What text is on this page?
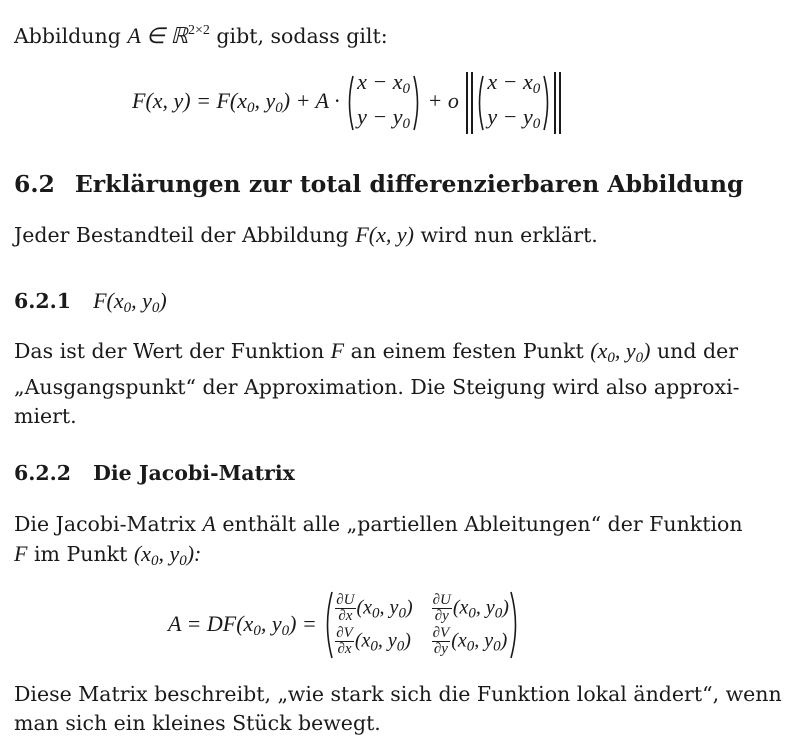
Abbildung A ∈ ℝ$^{2\times 2}$ gibt, sodass gilt:
F(x, $y) = F(x_0$, $y_0) + A$ ·
$x - x_0$
$y - y_0$
+ o ‖ $x - x_0$
$y - y_0$ ‖
6.2 Erklärungen zur total differenzierbaren Abbildung
Jeder Bestandteil der Abbildung F(x, y) wird nun erklärt.
6.2.1 $F(x_0$, $y_0$)
Das ist der Wert der Funktion F an einem festen Punkt ($x_0$, $y_0$) und der
„Ausgangspunkt“ der Approximation. Die Steigung wird also approxi-
miert.
6.2.2 Die Jacobi-Matrix
Die Jacobi-Matrix A enthält alle „partiellen Ableitungen“ der Funktion
F im Punkt ($x_0$, $y_0$):
$A = DF(x_0$, $y_0) = \frac{\partial U}{\partial x} (x_0$, $y_0) \frac{\partial U}{\partial y} (x_0$, $y_0$)
$\frac{\partial V}{\partial x} (x_0$, $y_0) \frac{\partial V}{\partial y} (x_0$, $y_0$)
Diese Matrix beschreibt, „wie stark sich die Funktion lokal ändert“, wenn
man sich ein kleines Stück bewegt.
